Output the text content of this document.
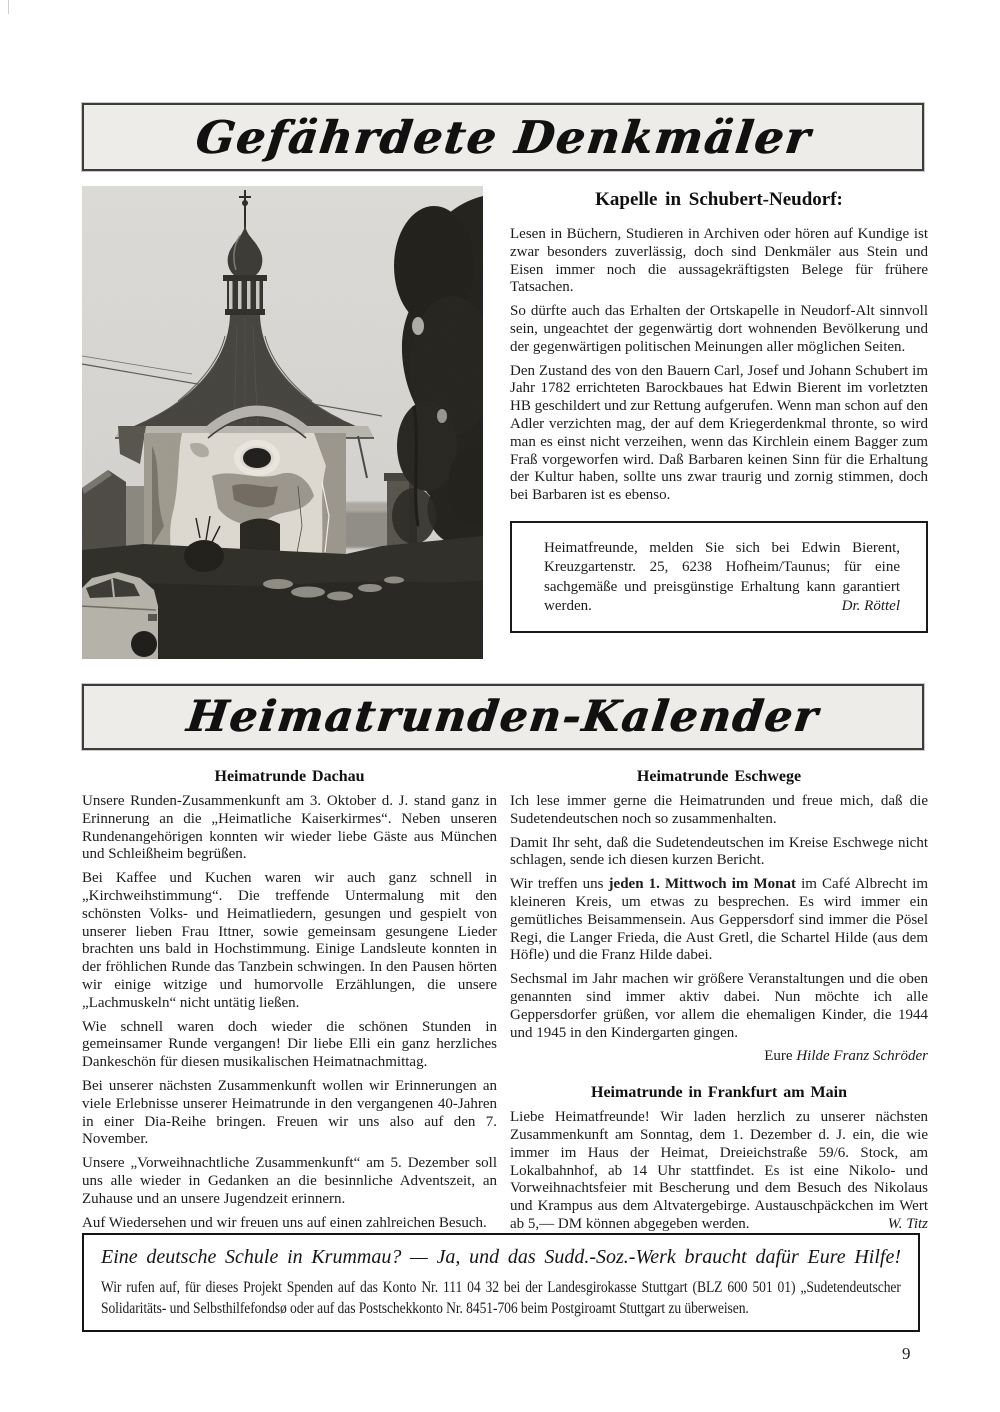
Gefährdete Denkmäler
Kapelle in Schubert-Neudorf:

Lesen in Büchern, Studieren in Archiven oder hören auf Kundige ist zwar besonders zuverlässig, doch sind Denkmäler aus Stein und Eisen immer noch die aussagekräftigsten Belege für frühere Tatsachen.

So dürfte auch das Erhalten der Ortskapelle in Neudorf-Alt sinnvoll sein, ungeachtet der gegenwärtig dort wohnenden Bevölkerung und der gegenwärtigen politischen Meinungen aller möglichen Seiten.

Den Zustand des von den Bauern Carl, Josef und Johann Schubert im Jahr 1782 errichteten Barockbaues hat Edwin Bierent im vorletzten HB geschildert und zur Rettung aufgerufen. Wenn man schon auf den Adler verzichten mag, der auf dem Kriegerdenkmal thronte, so wird man es einst nicht verzeihen, wenn das Kirchlein einem Bagger zum Fraß vorgeworfen wird. Daß Barbaren keinen Sinn für die Erhaltung der Kultur haben, sollte uns zwar traurig und zornig stimmen, doch bei Barbaren ist es ebenso.

Heimatfreunde, melden Sie sich bei Edwin Bierent, Kreuzgartenstr. 25, 6238 Hofheim/Taunus; für eine sachgemäße und preisgünstige Erhaltung kann garantiert werden.	Dr. Röttel

Heimatrunden-Kalender
Heimatrunde Dachau

Unsere Runden-Zusammenkunft am 3. Oktober d. J. stand ganz in Erinnerung an die „Heimatliche Kaiserkirmes“. Neben unseren Rundenangehörigen konnten wir wieder liebe Gäste aus München und Schleißheim begrüßen.

Bei Kaffee und Kuchen waren wir auch ganz schnell in „Kirchweihstimmung“. Die treffende Untermalung mit den schönsten Volks- und Heimatliedern, gesungen und gespielt von unserer lieben Frau Ittner, sowie gemeinsam gesungene Lieder brachten uns bald in Hochstimmung. Einige Landsleute konnten in der fröhlichen Runde das Tanzbein schwingen. In den Pausen hörten wir einige witzige und humorvolle Erzählungen, die unsere „Lachmuskeln“ nicht untätig ließen.

Wie schnell waren doch wieder die schönen Stunden in gemeinsamer Runde vergangen! Dir liebe Elli ein ganz herzliches Dankeschön für diesen musikalischen Heimatnachmittag.

Bei unserer nächsten Zusammenkunft wollen wir Erinnerungen an viele Erlebnisse unserer Heimatrunde in den vergangenen 40-Jahren in einer Dia-Reihe bringen. Freuen wir uns also auf den 7. November.

Unsere „Vorweihnachtliche Zusammenkunft“ am 5. Dezember soll uns alle wieder in Gedanken an die besinnliche Adventszeit, an Zuhause und an unsere Jugendzeit erinnern.

Auf Wiedersehen und wir freuen uns auf einen zahlreichen Besuch.

Heimatrunde Eschwege

Ich lese immer gerne die Heimatrunden und freue mich, daß die Sudetendeutschen noch so zusammenhalten.

Damit Ihr seht, daß die Sudetendeutschen im Kreise Eschwege nicht schlagen, sende ich diesen kurzen Bericht.

Wir treffen uns jeden 1. Mittwoch im Monat im Café Albrecht im kleineren Kreis, um etwas zu besprechen. Es wird immer ein gemütliches Beisammensein. Aus Geppersdorf sind immer die Pösel Regi, die Langer Frieda, die Aust Gretl, die Schartel Hilde (aus dem Höfle) und die Franz Hilde dabei.

Sechsmal im Jahr machen wir größere Veranstaltungen und die oben genannten sind immer aktiv dabei. Nun möchte ich alle Geppersdorfer grüßen, vor allem die ehemaligen Kinder, die 1944 und 1945 in den Kindergarten gingen.

Eure Hilde Franz Schröder
Heimatrunde in Frankfurt am Main

Liebe Heimatfreunde! Wir laden herzlich zu unserer nächsten Zusammenkunft am Sonntag, dem 1. Dezember d. J. ein, die wie immer im Haus der Heimat, Dreieichstraße 59/6. Stock, am Lokalbahnhof, ab 14 Uhr stattfindet. Es ist eine Nikolo- und Vorweihnachtsfeier mit Bescherung und dem Besuch des Nikolaus und Krampus aus dem Altvatergebirge. Austauschpäckchen im Wert ab 5,— DM können abgegeben werden.	W. Titz

Eine deutsche Schule in Krummau? — Ja, und das Sudd.-Soz.-Werk braucht dafür Eure Hilfe!

Wir rufen auf, für dieses Projekt Spenden auf das Konto Nr. 111 04 32 bei der Landesgirokasse Stuttgart (BLZ 600 501 01) „Sudetendeutscher Solidaritäts- und Selbsthilfefondsø oder auf das Postschekkonto Nr. 8451-706 beim Postgiroamt Stuttgart zu überweisen.

9
